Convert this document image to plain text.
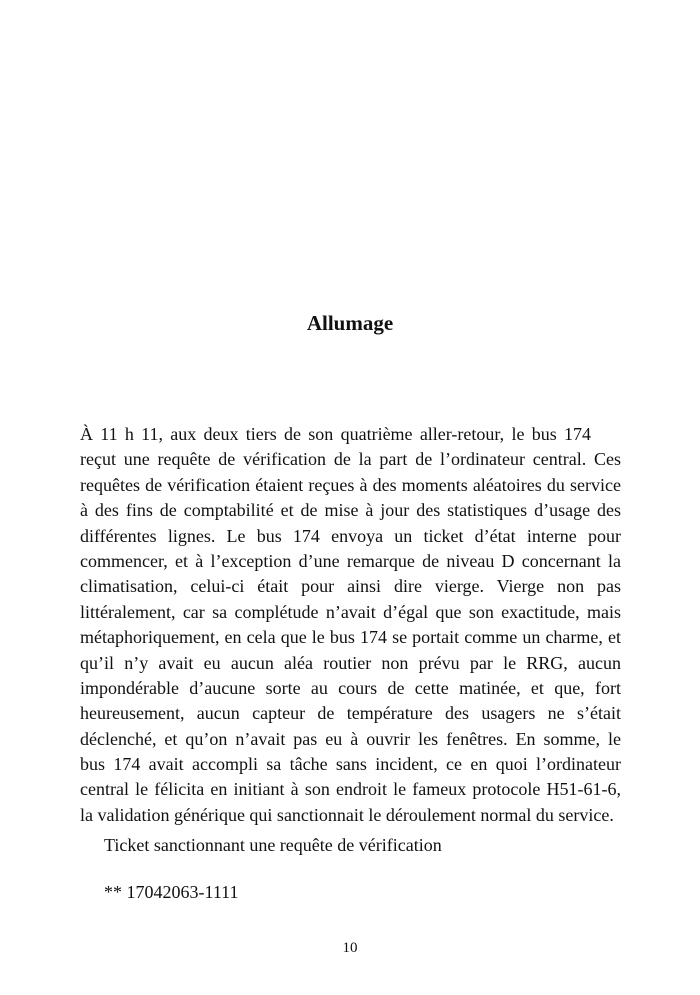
Allumage

À 11 h 11, aux deux tiers de son quatrième aller-retour, le bus 174
reçut une requête de vérification de la part de l’ordinateur central. Ces
requêtes de vérification étaient reçues à des moments aléatoires du service
à des fins de comptabilité et de mise à jour des statistiques d’usage des
différentes lignes. Le bus 174 envoya un ticket d’état interne pour
commencer, et à l’exception d’une remarque de niveau D concernant la
climatisation, celui-ci était pour ainsi dire vierge. Vierge non pas
littéralement, car sa complétude n’avait d’égal que son exactitude, mais
métaphoriquement, en cela que le bus 174 se portait comme un charme, et
qu’il n’y avait eu aucun aléa routier non prévu par le RRG, aucun
impondérable d’aucune sorte au cours de cette matinée, et que, fort
heureusement, aucun capteur de température des usagers ne s’était
déclenché, et qu’on n’avait pas eu à ouvrir les fenêtres. En somme, le
bus 174 avait accompli sa tâche sans incident, ce en quoi l’ordinateur
central le félicita en initiant à son endroit le fameux protocole H51-61-6,
la validation générique qui sanctionnait le déroulement normal du service.

Ticket sanctionnant une requête de vérification

** 17042063-1111

10
